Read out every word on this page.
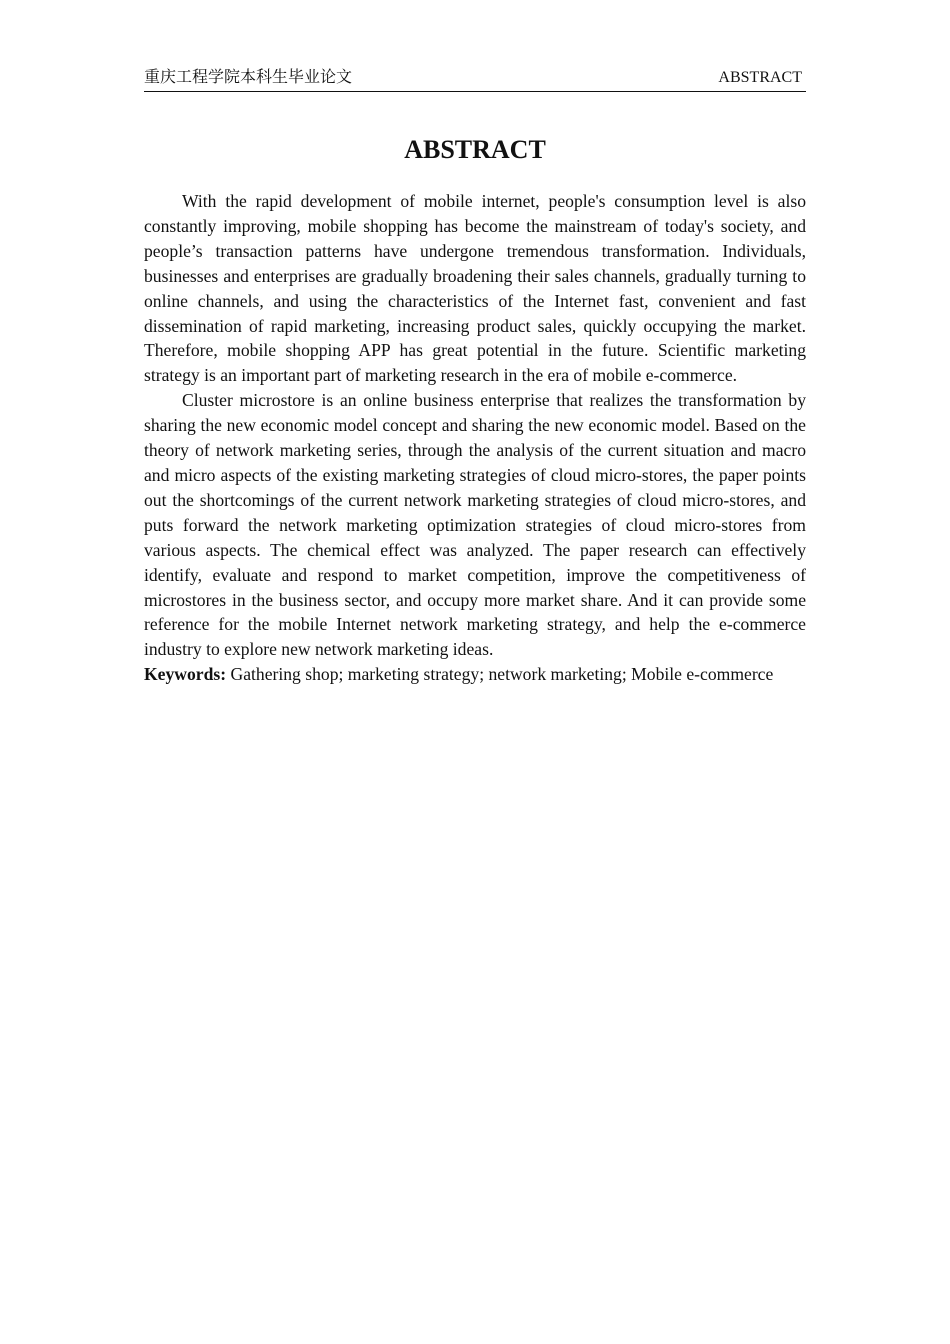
重庆工程学院本科生毕业论文	ABSTRACT
ABSTRACT

With the rapid development of mobile internet, people's consumption level is also constantly improving, mobile shopping has become the mainstream of today's society, and people’s transaction patterns have undergone tremendous transformation. Individuals, businesses and enterprises are gradually broadening their sales channels, gradually turning to online channels, and using the characteristics of the Internet fast, convenient and fast dissemination of rapid marketing, increasing product sales, quickly occupying the market. Therefore, mobile shopping APP has great potential in the future. Scientific marketing strategy is an important part of marketing research in the era of mobile e-commerce.

Cluster microstore is an online business enterprise that realizes the transformation by sharing the new economic model concept and sharing the new economic model. Based on the theory of network marketing series, through the analysis of the current situation and macro and micro aspects of the existing marketing strategies of cloud micro-stores, the paper points out the shortcomings of the current network marketing strategies of cloud micro-stores, and puts forward the network marketing optimization strategies of cloud micro-stores from various aspects. The chemical effect was analyzed. The paper research can effectively identify, evaluate and respond to market competition, improve the competitiveness of microstores in the business sector, and occupy more market share. And it can provide some reference for the mobile Internet network marketing strategy, and help the e-commerce industry to explore new network marketing ideas.

Keywords: Gathering shop; marketing strategy; network marketing; Mobile e-commerce
